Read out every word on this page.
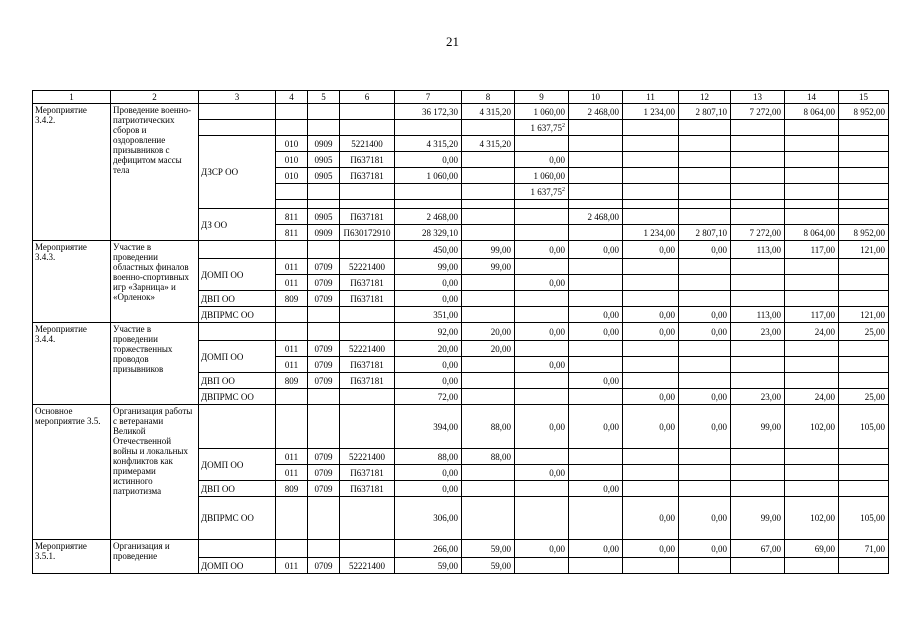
21
1	2	3	4	5	6	7	8	9	10	11	12	13	14	15
Мероприятие 3.4.2.	Проведение военно-патриотических сборов и оздоровление призывников с дефицитом массы тела					36 172,30	4 315,20	1 060,00	2 468,00	1 234,00	2 807,10	7 272,00	8 064,00	8 952,00
								1 637,75$^2$						
		ДЗСР ОО	010	0909	5221400	4 315,20	4 315,20							
			010	0905	П637181	0,00		0,00						
			010	0905	П637181	1 060,00		1 060,00						
								1 637,75$^2$						

		ДЗ ОО	811	0905	П637181	2 468,00			2 468,00					
			811	0909	П630172910	28 329,10				1 234,00	2 807,10	7 272,00	8 064,00	8 952,00
Мероприятие 3.4.3.	Участие в проведении областных финалов военно-спортивных игр «Зарница» и «Орленок»					450,00	99,00	0,00	0,00	0,00	0,00	113,00	117,00	121,00
		ДОМП ОО	011	0709	52221400	99,00	99,00							
			011	0709	П637181	0,00		0,00						
		ДВП ОО	809	0709	П637181	0,00								
		ДВПРМС ОО				351,00			0,00	0,00	0,00	113,00	117,00	121,00
Мероприятие 3.4.4.	Участие в проведении торжественных проводов призывников					92,00	20,00	0,00	0,00	0,00	0,00	23,00	24,00	25,00
		ДОМП ОО	011	0709	52221400	20,00	20,00							
			011	0709	П637181	0,00		0,00						
		ДВП ОО	809	0709	П637181	0,00			0,00					
		ДВПРМС ОО				72,00				0,00	0,00	23,00	24,00	25,00
Основное мероприятие 3.5.	Организация работы с ветеранами Великой Отечественной войны и локальных конфликтов как примерами истинного патриотизма					394,00	88,00	0,00	0,00	0,00	0,00	99,00	102,00	105,00
		ДОМП ОО	011	0709	52221400	88,00	88,00							
			011	0709	П637181	0,00		0,00						
		ДВП ОО	809	0709	П637181	0,00			0,00					
		ДВПРМС ОО				306,00				0,00	0,00	99,00	102,00	105,00
Мероприятие 3.5.1.	Организация и проведение					266,00	59,00	0,00	0,00	0,00	0,00	67,00	69,00	71,00
		ДОМП ОО	011	0709	52221400	59,00	59,00							
